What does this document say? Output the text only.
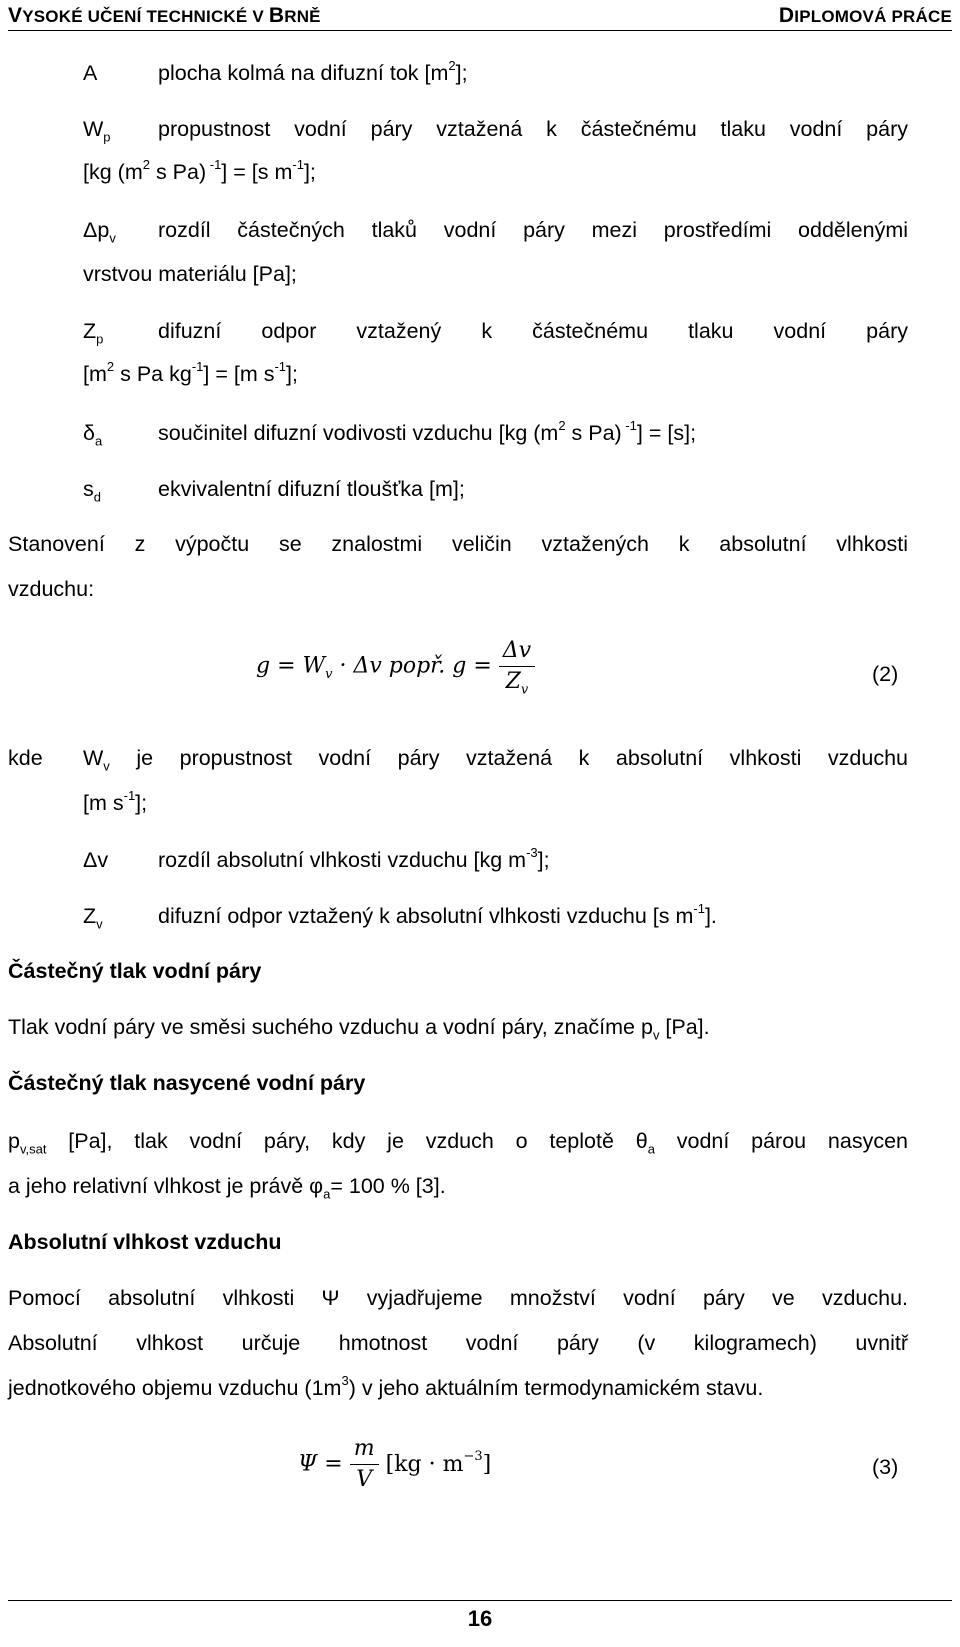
VYSOKÉ UČENÍ TECHNICKÉ V BRNĚ	DIPLOMOVÁ PRÁCE
A	plocha kolmá na difuzní tok $[m^2]$;
$W_p$ propustnost vodní páry vztažená k částečnému tlaku vodní páry
[kg ($m^2$ s Pa) $^{-1}$] = [s $m^{-1}$];
$\Delta p_v$ rozdíl částečných tlaků vodní páry mezi prostředími oddělenými
vrstvou materiálu [Pa];
$Z_p$	difuzní odpor vztažený k částečnému tlaku vodní páry
[$m^2$ s Pa $kg^{-1}] = [m$ $s^{-1}$];
$\delta_a$	součinitel difuzní vodivosti vzduchu [kg ($m^2$ s Pa) $^{-1}$] = [s];
$s_d$	ekvivalentní difuzní tloušťka [m];
Stanovení z výpočtu se znalostmi veličin vztažených k absolutní vlhkosti
vzduchu:
$g = W_v \cdot \Delta v$ popř. $g = \frac{\Delta v}{Z_v}$	(2)
kde $W_v$ je propustnost vodní páry vztažená k absolutní vlhkosti vzduchu
[m $s^{-1}$];
Δv rozdíl absolutní vlhkosti vzduchu [kg $m^{-3}$];
$Z_v$	difuzní odpor vztažený k absolutní vlhkosti vzduchu [s $m^{-1}$].
Částečný tlak vodní páry
Tlak vodní páry ve směsi suchého vzduchu a vodní páry, značíme $p_v$ [Pa].
Částečný tlak nasycené vodní páry
$p_{v,sat}$ [Pa], tlak vodní páry, kdy je vzduch o teplotě $\theta_a$ vodní párou nasycen
a jeho relativní vlhkost je právě $\varphi_a= 100$ % [3].
Absolutní vlhkost vzduchu
Pomocí absolutní vlhkosti Ψ vyjadřujeme množství vodní páry ve vzduchu.
Absolutní vlhkost určuje hmotnost vodní páry (v kilogramech) uvnitř
jednotkového objemu vzduchu $(1m^3)$ v jeho aktuálním termodynamickém stavu.
$\Psi = \frac{m}{V} [kg \cdot m^{-3}]$	(3)
16
